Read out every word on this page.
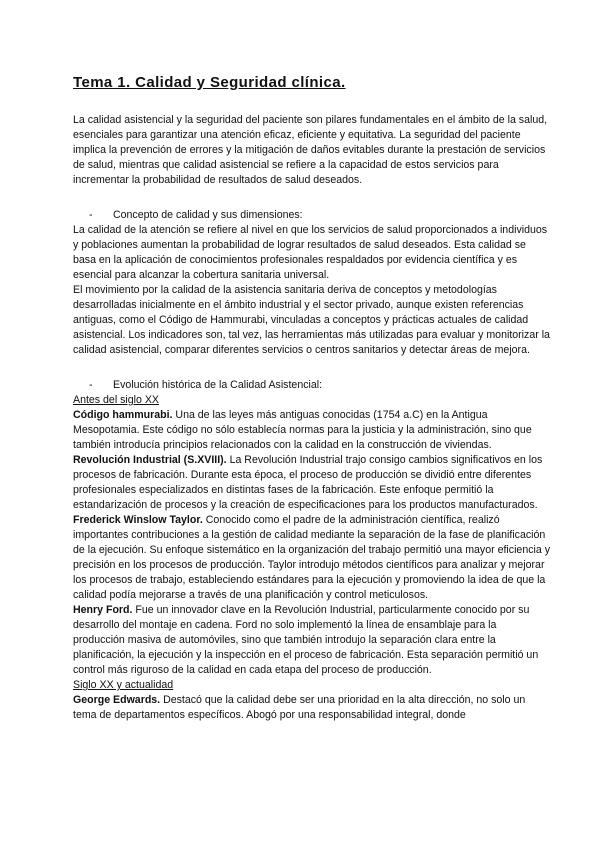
Tema 1. Calidad y Seguridad clínica.

La calidad asistencial y la seguridad del paciente son pilares fundamentales en el ámbito de la salud, esenciales para garantizar una atención eficaz, eficiente y equitativa. La seguridad del paciente implica la prevención de errores y la mitigación de daños evitables durante la prestación de servicios de salud, mientras que calidad asistencial se refiere a la capacidad de estos servicios para incrementar la probabilidad de resultados de salud deseados.

-	Concepto de calidad y sus dimensiones:

La calidad de la atención se refiere al nivel en que los servicios de salud proporcionados a individuos y poblaciones aumentan la probabilidad de lograr resultados de salud deseados. Esta calidad se basa en la aplicación de conocimientos profesionales respaldados por evidencia científica y es esencial para alcanzar la cobertura sanitaria universal.

El movimiento por la calidad de la asistencia sanitaria deriva de conceptos y metodologías desarrolladas inicialmente en el ámbito industrial y el sector privado, aunque existen referencias antiguas, como el Código de Hammurabi, vinculadas a conceptos y prácticas actuales de calidad asistencial. Los indicadores son, tal vez, las herramientas más utilizadas para evaluar y monitorizar la calidad asistencial, comparar diferentes servicios o centros sanitarios y detectar áreas de mejora.

-	Evolución histórica de la Calidad Asistencial:

Antes del siglo XX

Código hammurabi. Una de las leyes más antiguas conocidas (1754 a.C) en la Antigua Mesopotamia. Este código no sólo establecía normas para la justicia y la administración, sino que también introducía principios relacionados con la calidad en la construcción de viviendas.

Revolución Industrial (S.XVIII). La Revolución Industrial trajo consigo cambios significativos en los procesos de fabricación. Durante esta época, el proceso de producción se dividió entre diferentes profesionales especializados en distintas fases de la fabricación. Este enfoque permitió la estandarización de procesos y la creación de especificaciones para los productos manufacturados.

Frederick Winslow Taylor. Conocido como el padre de la administración científica, realizó importantes contribuciones a la gestión de calidad mediante la separación de la fase de planificación de la ejecución. Su enfoque sistemático en la organización del trabajo permitió una mayor eficiencia y precisión en los procesos de producción. Taylor introdujo métodos científicos para analizar y mejorar los procesos de trabajo, estableciendo estándares para la ejecución y promoviendo la idea de que la calidad podía mejorarse a través de una planificación y control meticulosos.

Henry Ford. Fue un innovador clave en la Revolución Industrial, particularmente conocido por su desarrollo del montaje en cadena. Ford no solo implementó la línea de ensamblaje para la producción masiva de automóviles, sino que también introdujo la separación clara entre la planificación, la ejecución y la inspección en el proceso de fabricación. Esta separación permitió un control más riguroso de la calidad en cada etapa del proceso de producción.

Siglo XX y actualidad

George Edwards. Destacó que la calidad debe ser una prioridad en la alta dirección, no solo un tema de departamentos específicos. Abogó por una responsabilidad integral, donde
